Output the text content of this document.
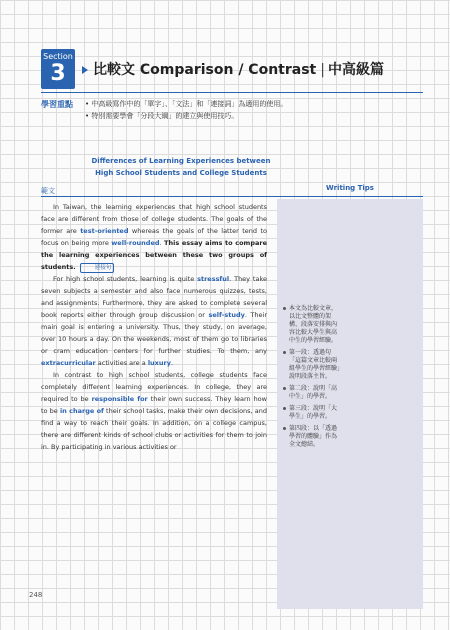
Section
3	比較文 Comparison / Contrast | 中高級篇
學習重點
•	中高級寫作中的「單字」、「文法」和「連接詞」為適用的使用。
• 特別需要學會「分段大綱」的建立與使用技巧。
Differences of Learning Experiences between High School Students and College Students
範文	Writing Tips
本文為比較文章，以比文整體的架構、段落安排與內容比較大學生與高中生的學習經驗。
第一段：透過句「這篇文章比較兩組學生的學習經驗」說明段落主旨。
第二段：說明「高中生」的學習。
第三段：說明「大學生」的學習。
第四段：以「透過學習的體驗」作為全文總結。

In Taiwan, the learning experiences that high school students face are different from those of college students. The goals of the former are test-oriented whereas the goals of the latter tend to focus on being more well-rounded. This essay aims to compare the learning experiences between these two groups of students.	連接句

For high school students, learning is quite stressful. They take seven subjects a semester and also face numerous quizzes, tests, and assignments. Furthermore, they are asked to complete several book reports either through group discussion or self-study. Their main goal is entering a university. Thus, they study, on average, over 10 hours a day. On the weekends, most of them go to libraries or cram education centers for further studies. To them, any extracurricular activities are a luxury.

In contrast to high school students, college students face completely different learning experiences. In college, they are required to be responsible for their own success. They learn how to be in charge of their school tasks, make their own decisions, and find a way to reach their goals. In addition, on a college campus, there are different kinds of school clubs or activities for them to join in. By participating in various activities or

248
